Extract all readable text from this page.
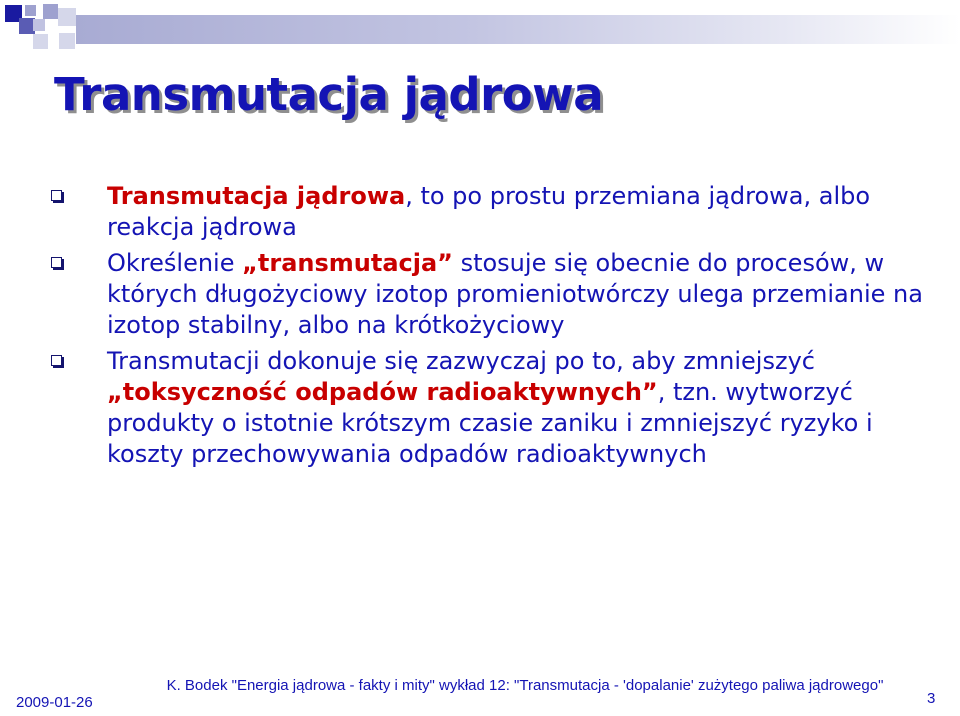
Transmutacja jądrowa
Transmutacja jądrowa, to po prostu przemiana jądrowa, albo reakcja jądrowa
Określenie „transmutacja” stosuje się obecnie do procesów, w których długożyciowy izotop promieniotwórczy ulega przemianie na izotop stabilny, albo na krótkożyciowy
Transmutacji dokonuje się zazwyczaj po to, aby zmniejszyć „toksyczność odpadów radioaktywnych”, tzn. wytworzyć produkty o istotnie krótszym czasie zaniku i zmniejszyć ryzyko i koszty przechowywania odpadów radioaktywnych
2009-01-26
K. Bodek "Energia jądrowa - fakty i mity" wykład 12: "Transmutacja - 'dopalanie' zużytego paliwa jądrowego"
3
